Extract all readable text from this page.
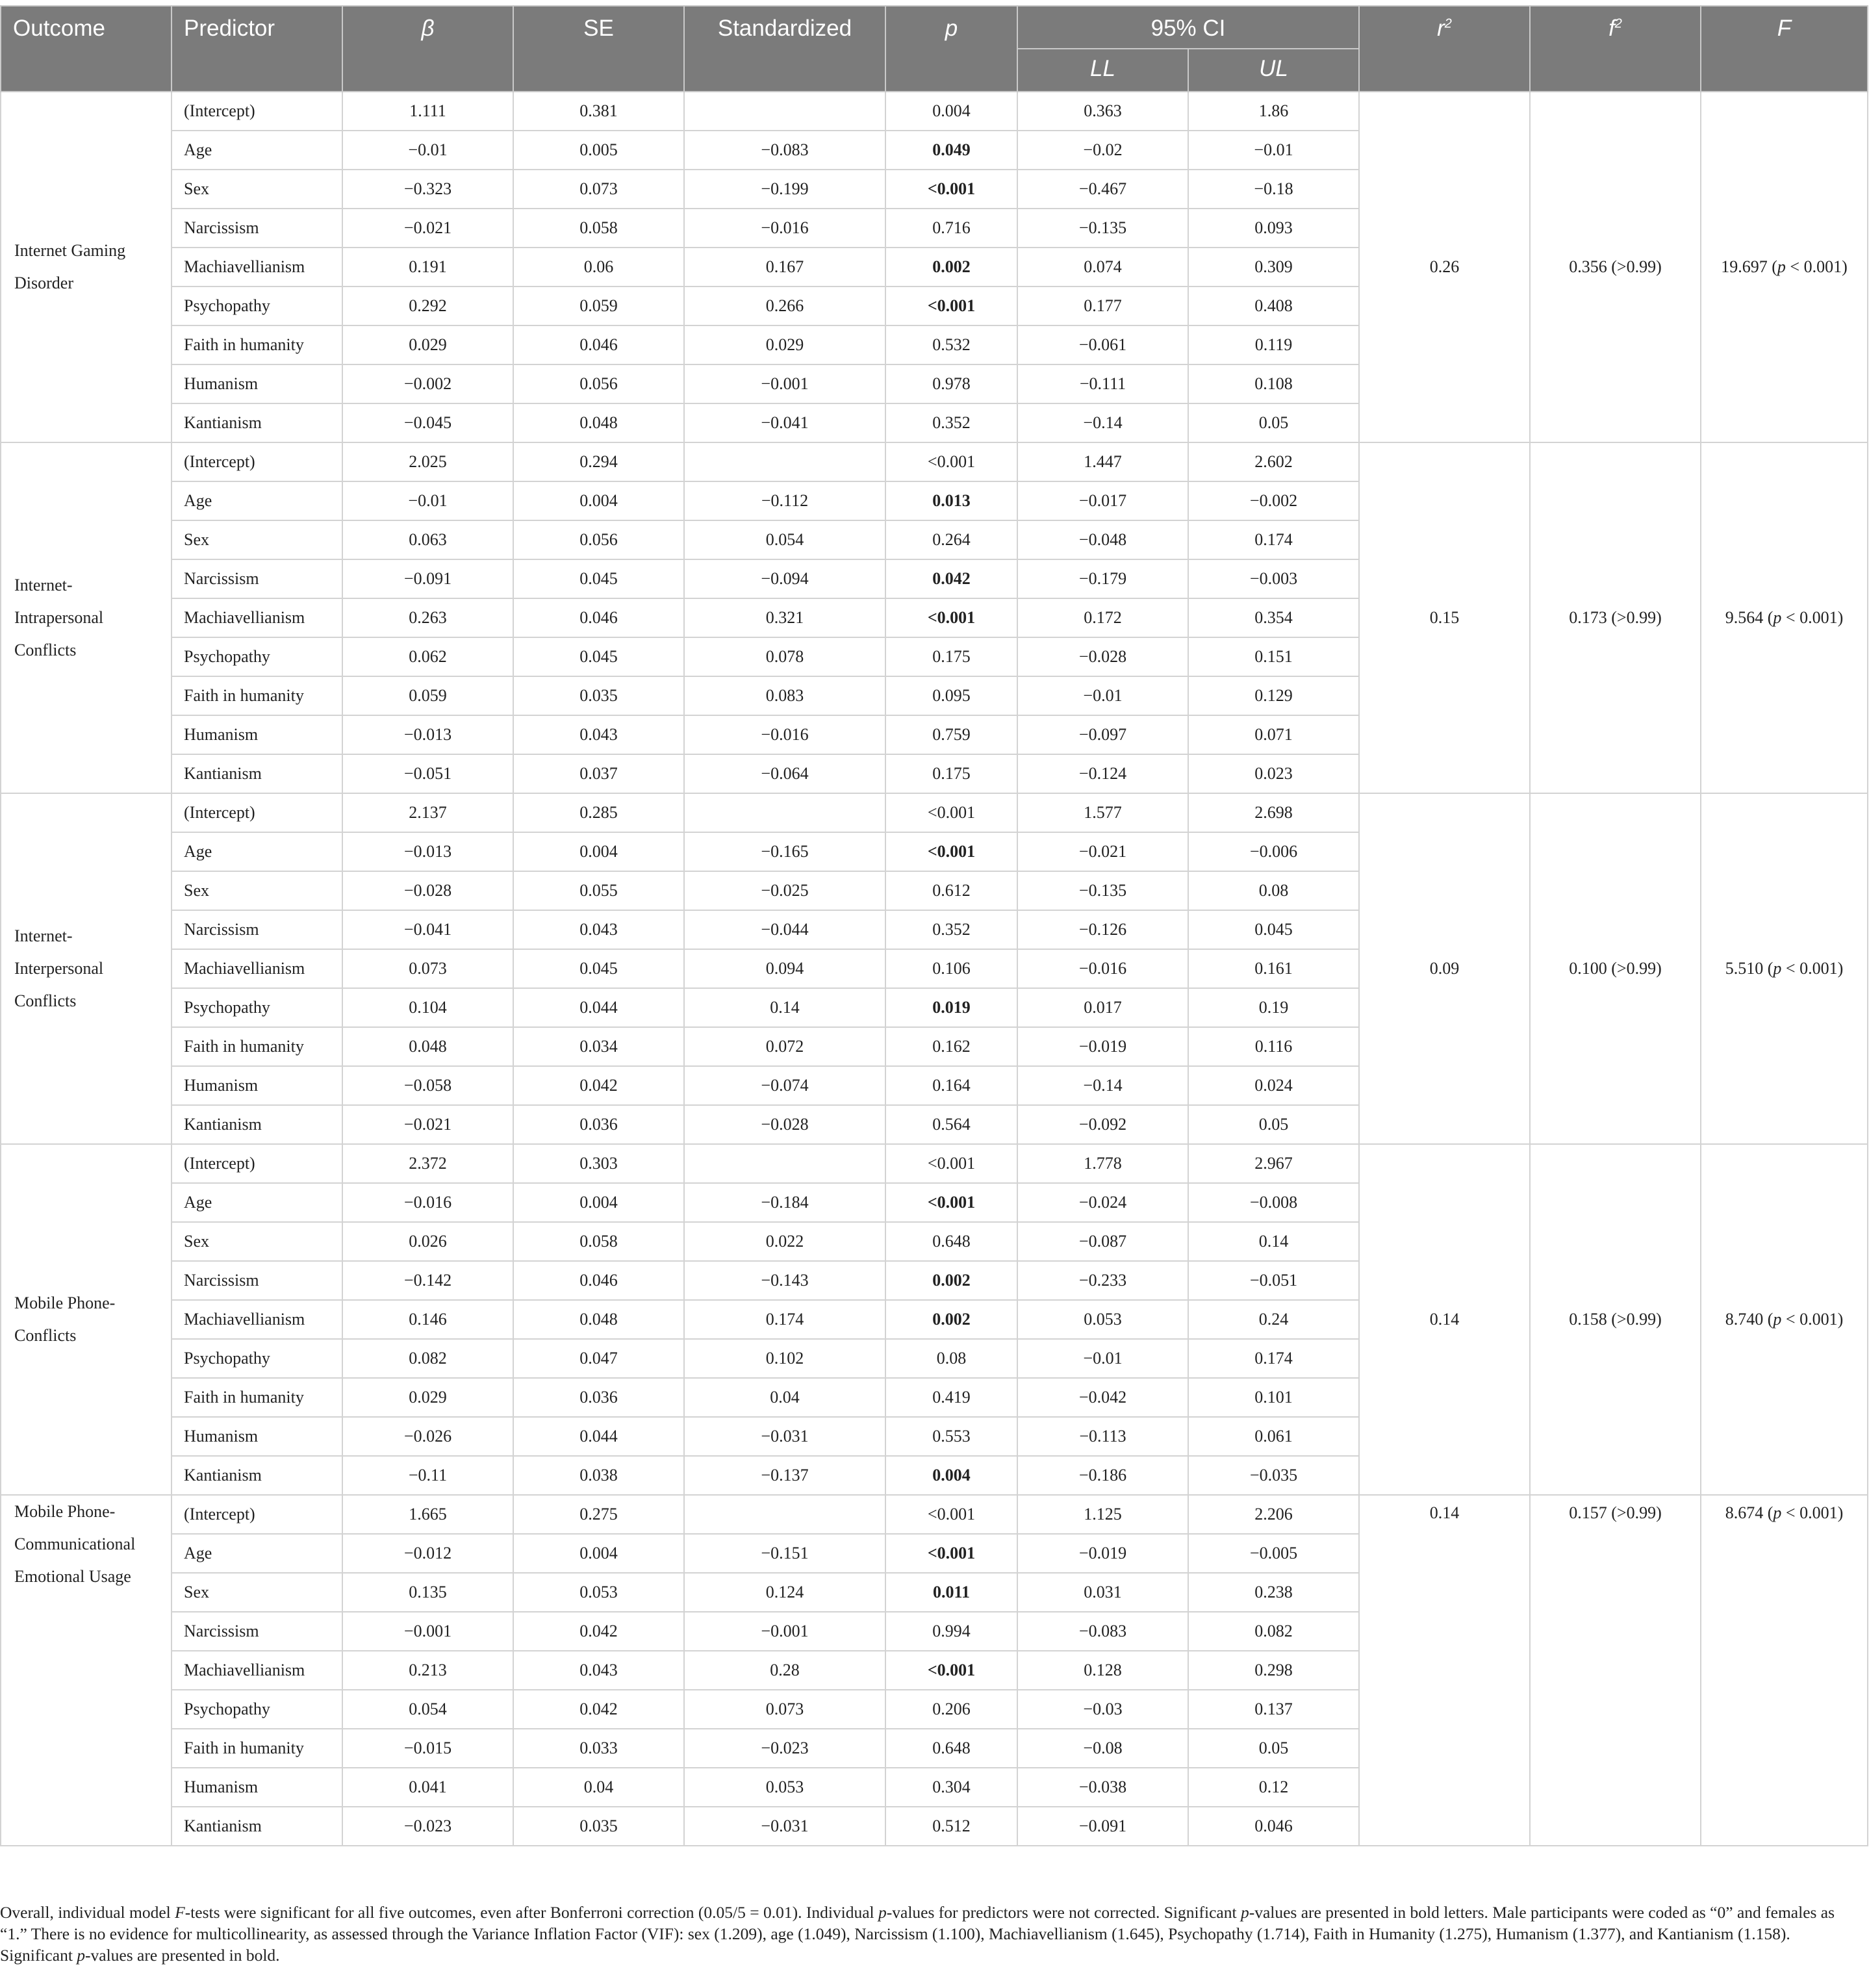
Outcome	Predictor	β	SE	Standardized	p	95% CI		$r^2$	$f^2$	F
						LL	UL			
Internet Gaming Disorder	(Intercept)	1.111	0.381		0.004	0.363	1.86	0.26	0.356 (>0.99)	19.697 (p < 0.001)
	Age	−0.01	0.005	−0.083	0.049	−0.02	−0.01			
	Sex	−0.323	0.073	−0.199	<0.001	−0.467	−0.18			
	Narcissism	−0.021	0.058	−0.016	0.716	−0.135	0.093			
	Machiavellianism	0.191	0.06	0.167	0.002	0.074	0.309			
	Psychopathy	0.292	0.059	0.266	<0.001	0.177	0.408			
	Faith in humanity	0.029	0.046	0.029	0.532	−0.061	0.119			
	Humanism	−0.002	0.056	−0.001	0.978	−0.111	0.108			
	Kantianism	−0.045	0.048	−0.041	0.352	−0.14	0.05			
Internet-Intrapersonal Conflicts	(Intercept)	2.025	0.294		<0.001	1.447	2.602	0.15	0.173 (>0.99)	9.564 (p < 0.001)
	Age	−0.01	0.004	−0.112	0.013	−0.017	−0.002			
	Sex	0.063	0.056	0.054	0.264	−0.048	0.174			
	Narcissism	−0.091	0.045	−0.094	0.042	−0.179	−0.003			
	Machiavellianism	0.263	0.046	0.321	<0.001	0.172	0.354			
	Psychopathy	0.062	0.045	0.078	0.175	−0.028	0.151			
	Faith in humanity	0.059	0.035	0.083	0.095	−0.01	0.129			
	Humanism	−0.013	0.043	−0.016	0.759	−0.097	0.071			
	Kantianism	−0.051	0.037	−0.064	0.175	−0.124	0.023			
Internet-Interpersonal Conflicts	(Intercept)	2.137	0.285		<0.001	1.577	2.698	0.09	0.100 (>0.99)	5.510 (p < 0.001)
	Age	−0.013	0.004	−0.165	<0.001	−0.021	−0.006			
	Sex	−0.028	0.055	−0.025	0.612	−0.135	0.08			
	Narcissism	−0.041	0.043	−0.044	0.352	−0.126	0.045			
	Machiavellianism	0.073	0.045	0.094	0.106	−0.016	0.161			
	Psychopathy	0.104	0.044	0.14	0.019	0.017	0.19			
	Faith in humanity	0.048	0.034	0.072	0.162	−0.019	0.116			
	Humanism	−0.058	0.042	−0.074	0.164	−0.14	0.024			
	Kantianism	−0.021	0.036	−0.028	0.564	−0.092	0.05			
Mobile Phone-Conflicts	(Intercept)	2.372	0.303		<0.001	1.778	2.967	0.14	0.158 (>0.99)	8.740 (p < 0.001)
	Age	−0.016	0.004	−0.184	<0.001	−0.024	−0.008			
	Sex	0.026	0.058	0.022	0.648	−0.087	0.14			
	Narcissism	−0.142	0.046	−0.143	0.002	−0.233	−0.051			
	Machiavellianism	0.146	0.048	0.174	0.002	0.053	0.24			
	Psychopathy	0.082	0.047	0.102	0.08	−0.01	0.174			
	Faith in humanity	0.029	0.036	0.04	0.419	−0.042	0.101			
	Humanism	−0.026	0.044	−0.031	0.553	−0.113	0.061			
	Kantianism	−0.11	0.038	−0.137	0.004	−0.186	−0.035			
Mobile Phone-Communicational Emotional Usage	(Intercept)	1.665	0.275		<0.001	1.125	2.206	0.14	0.157 (>0.99)	8.674 (p < 0.001)
	Age	−0.012	0.004	−0.151	<0.001	−0.019	−0.005			
	Sex	0.135	0.053	0.124	0.011	0.031	0.238			
	Narcissism	−0.001	0.042	−0.001	0.994	−0.083	0.082			
	Machiavellianism	0.213	0.043	0.28	<0.001	0.128	0.298			
	Psychopathy	0.054	0.042	0.073	0.206	−0.03	0.137			
	Faith in humanity	−0.015	0.033	−0.023	0.648	−0.08	0.05			
	Humanism	0.041	0.04	0.053	0.304	−0.038	0.12			
	Kantianism	−0.023	0.035	−0.031	0.512	−0.091	0.046			
Overall, individual model F-tests were significant for all five outcomes, even after Bonferroni correction (0.05/5 = 0.01). Individual p-values for predictors were not corrected. Significant p-values are presented in bold letters. Male participants were coded as “0” and females as “1.” There is no evidence for multicollinearity, as assessed through the Variance Inflation Factor (VIF): sex (1.209), age (1.049), Narcissism (1.100), Machiavellianism (1.645), Psychopathy (1.714), Faith in Humanity (1.275), Humanism (1.377), and Kantianism (1.158). Significant p-values are presented in bold.
